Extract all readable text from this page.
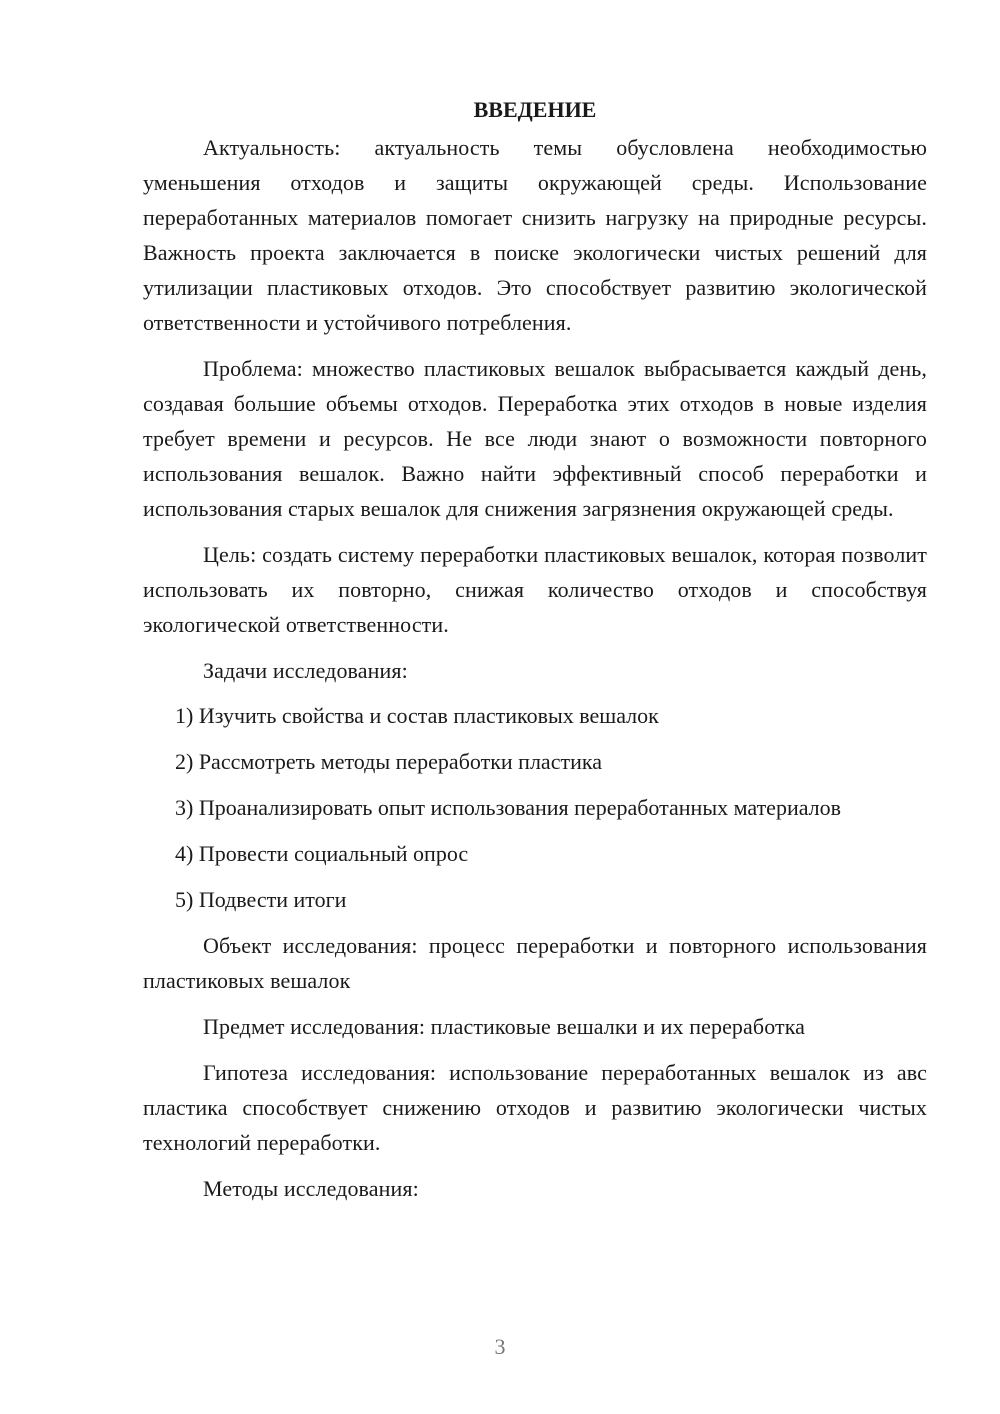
ВВЕДЕНИЕ

Актуальность: актуальность темы обусловлена необходимостью уменьшения отходов и защиты окружающей среды. Использование переработанных материалов помогает снизить нагрузку на природные ресурсы. Важность проекта заключается в поиске экологически чистых решений для утилизации пластиковых отходов. Это способствует развитию экологической ответственности и устойчивого потребления.

Проблема: множество пластиковых вешалок выбрасывается каждый день, создавая большие объемы отходов. Переработка этих отходов в новые изделия требует времени и ресурсов. Не все люди знают о возможности повторного использования вешалок. Важно найти эффективный способ переработки и использования старых вешалок для снижения загрязнения окружающей среды.

Цель: создать систему переработки пластиковых вешалок, которая позволит использовать их повторно, снижая количество отходов и способствуя экологической ответственности.

Задачи исследования:

1) Изучить свойства и состав пластиковых вешалок

2) Рассмотреть методы переработки пластика

3) Проанализировать опыт использования переработанных материалов

4) Провести социальный опрос

5) Подвести итоги

Объект исследования: процесс переработки и повторного использования пластиковых вешалок

Предмет исследования: пластиковые вешалки и их переработка

Гипотеза исследования: использование переработанных вешалок из авс пластика способствует снижению отходов и развитию экологически чистых технологий переработки.

Методы исследования:

3
